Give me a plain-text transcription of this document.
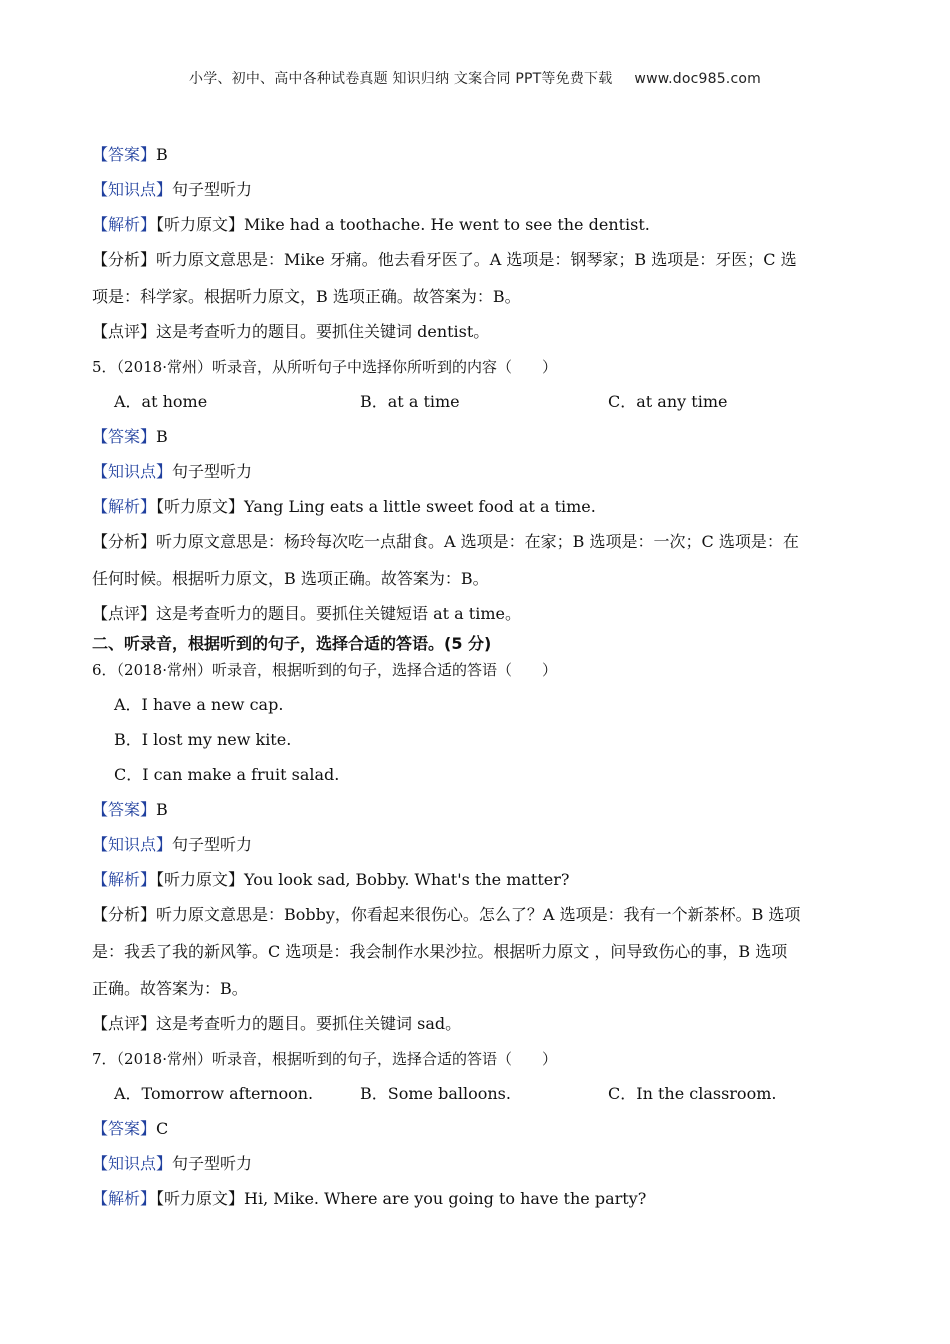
小学、初中、高中各种试卷真题 知识归纳 文案合同 PPT等免费下载 www.doc985.com
【答案】B
【知识点】句子型听力
【解析】【听力原文】Mike had a toothache. He went to see the dentist.
【分析】听力原文意思是：Mike 牙痛。他去看牙医了。A 选项是：钢琴家；B 选项是：牙医；C 选
项是：科学家。根据听力原文，B 选项正确。故答案为：B。
【点评】这是考查听力的题目。要抓住关键词 dentist。
5．（2018·常州）听录音，从所听句子中选择你所听到的内容（　　）
A．at home	B．at a time	C．at any time
【答案】B
【知识点】句子型听力
【解析】【听力原文】Yang Ling eats a little sweet food at a time.
【分析】听力原文意思是：杨玲每次吃一点甜食。A 选项是：在家；B 选项是：一次；C 选项是：在
任何时候。根据听力原文，B 选项正确。故答案为：B。
【点评】这是考查听力的题目。要抓住关键短语 at a time。
二、听录音，根据听到的句子，选择合适的答语。(5 分)
6．（2018·常州）听录音，根据听到的句子，选择合适的答语（　　）
A．I have a new cap.
B．I lost my new kite.
C．I can make a fruit salad.
【答案】B
【知识点】句子型听力
【解析】【听力原文】You look sad, Bobby. What's the matter?
【分析】听力原文意思是：Bobby，你看起来很伤心。怎么了？A 选项是：我有一个新茶杯。B 选项
是：我丢了我的新风筝。C 选项是：我会制作水果沙拉。根据听力原文 ，问导致伤心的事，B 选项
正确。故答案为：B。
【点评】这是考查听力的题目。要抓住关键词 sad。
7．（2018·常州）听录音，根据听到的句子，选择合适的答语（　　）
A．Tomorrow afternoon.	B．Some balloons.	C．In the classroom.
【答案】C
【知识点】句子型听力
【解析】【听力原文】Hi, Mike. Where are you going to have the party?
